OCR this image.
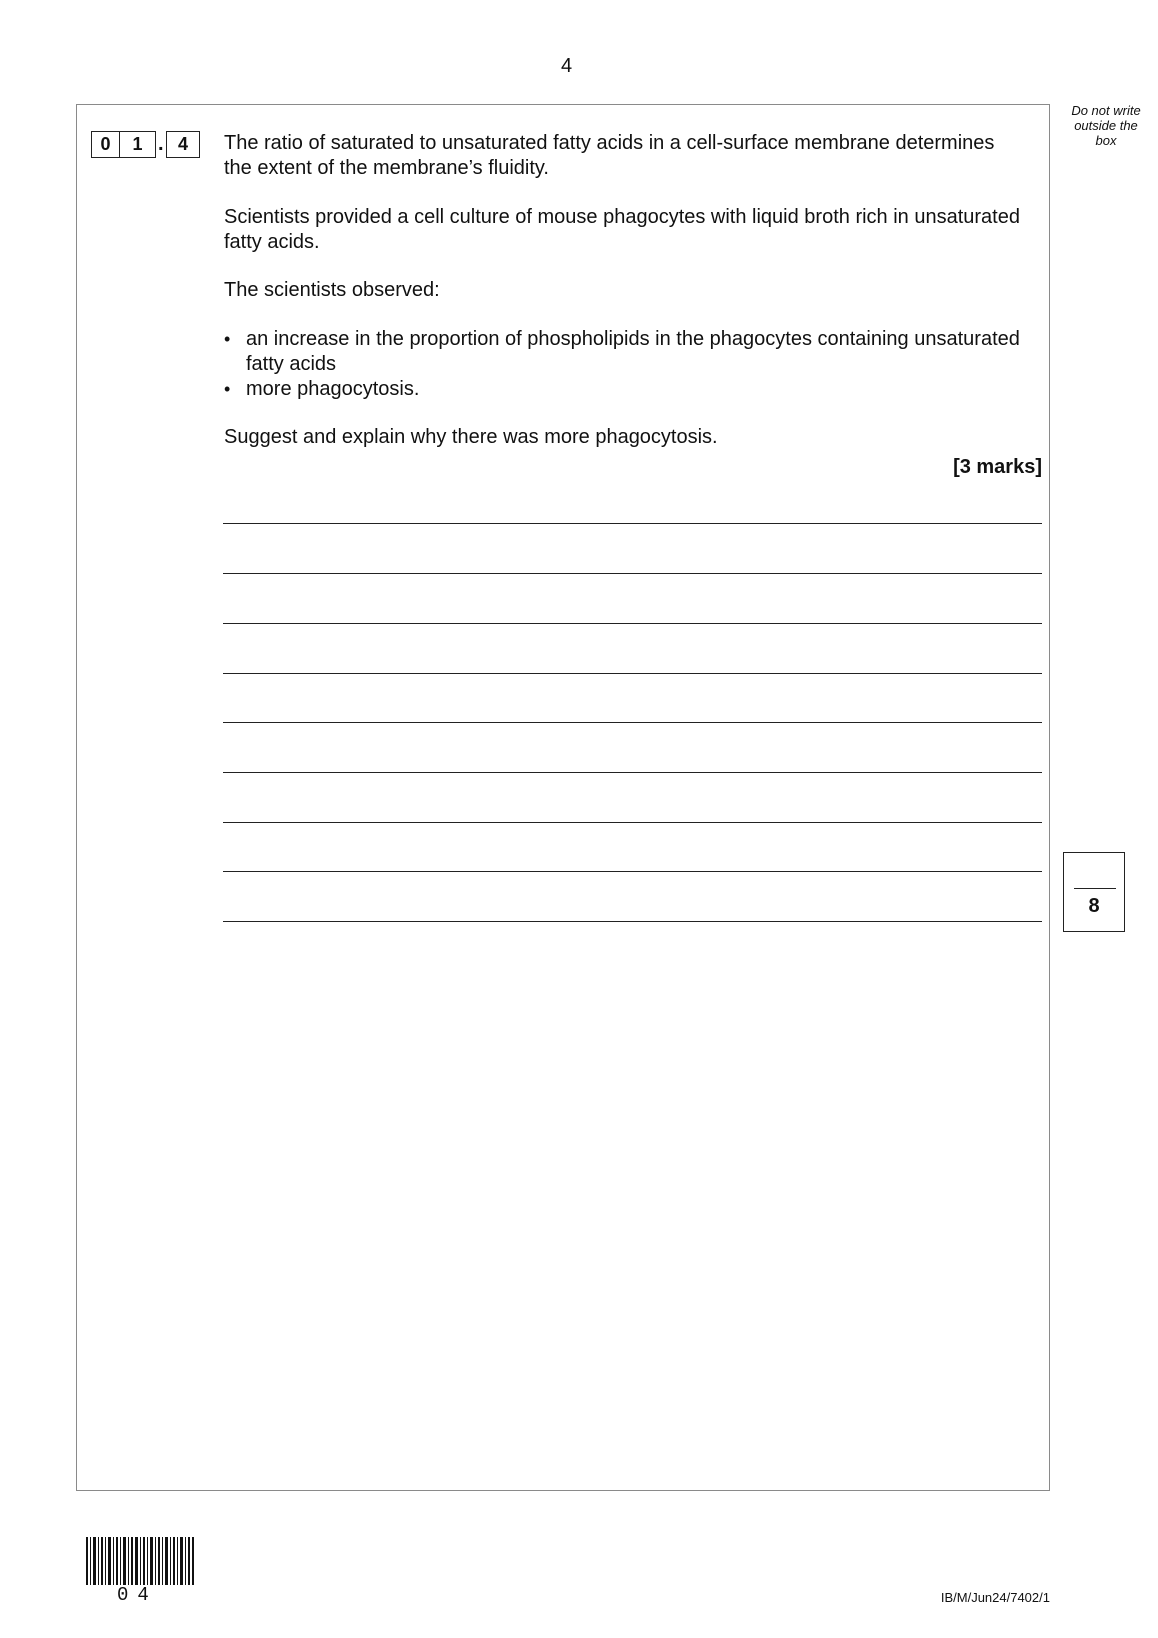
4
Do not write
outside the
box
0	1 . 4	The ratio of saturated to unsaturated fatty acids in a cell-surface membrane determines the extent of the membrane’s fluidity.
Scientists provided a cell culture of mouse phagocytes with liquid broth rich in unsaturated fatty acids.
The scientists observed:
• an increase in the proportion of phospholipids in the phagocytes containing unsaturated fatty acids
• more phagocytosis.
Suggest and explain why there was more phagocytosis.
[3 marks]
8
04	IB/M/Jun24/7402/1
